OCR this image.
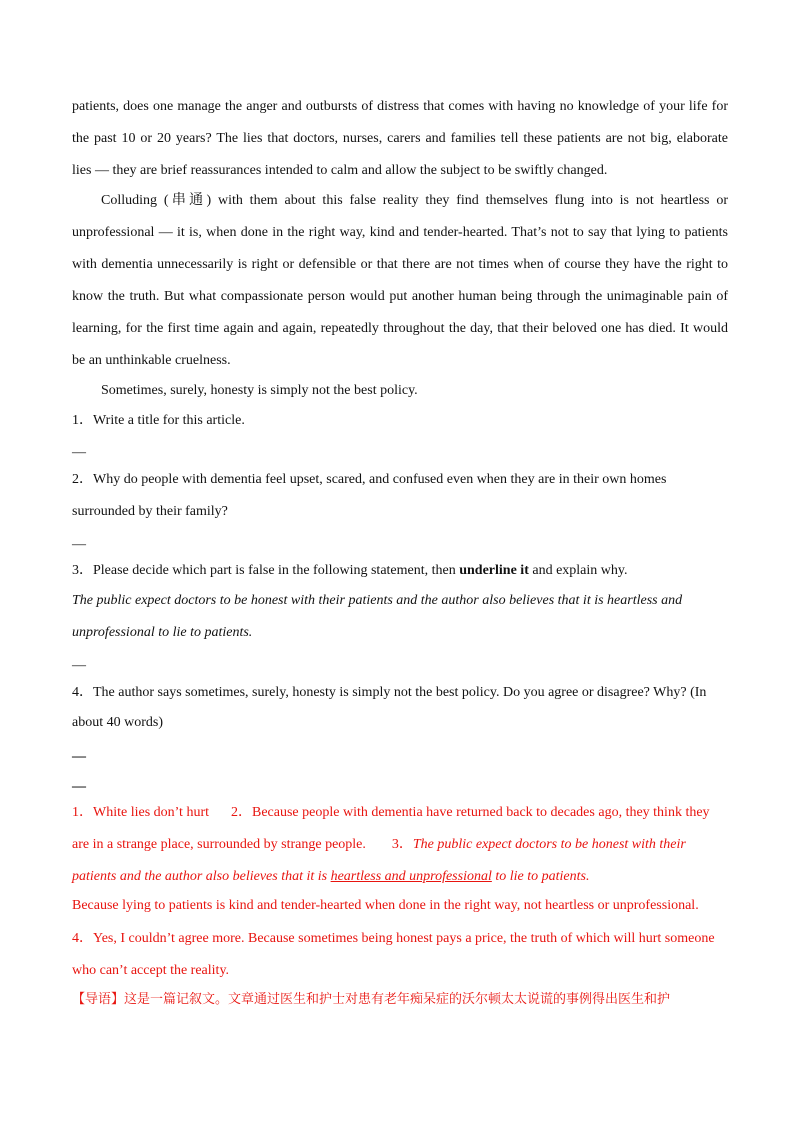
patients, does one manage the anger and outbursts of distress that comes with having no knowledge of your life for
the past 10 or 20 years? The lies that doctors, nurses, carers and families tell these patients are not big, elaborate
lies — they are brief reassurances intended to calm and allow the subject to be swiftly changed.
Colluding (串通) with them about this false reality they find themselves flung into is not heartless or
unprofessional — it is, when done in the right way, kind and tender-hearted. That’s not to say that lying to patients
with dementia unnecessarily is right or defensible or that there are not times when of course they have the right to
know the truth. But what compassionate person would put another human being through the unimaginable pain of
learning, for the first time again and again, repeatedly throughout the day, that their beloved one has died. It would
be an unthinkable cruelness.
Sometimes, surely, honesty is simply not the best policy.
1．Write a title for this article.
—
2．Why do people with dementia feel upset, scared, and confused even when they are in their own homes
surrounded by their family?
—
3．Please decide which part is false in the following statement, then underline it and explain why.
The public expect doctors to be honest with their patients and the author also believes that it is heartless and
unprofessional to lie to patients.
—
4．The author says sometimes, surely, honesty is simply not the best policy. Do you agree or disagree? Why? (In
about 40 words)
—
—
1．White lies don’t hurt 2．Because people with dementia have returned back to decades ago, they think they
are in a strange place, surrounded by strange people. 3．The public expect doctors to be honest with their
patients and the author also believes that it is heartless and unprofessional to lie to patients.
Because lying to patients is kind and tender-hearted when done in the right way, not heartless or unprofessional.
4．Yes, I couldn’t agree more. Because sometimes being honest pays a price, the truth of which will hurt someone
who can’t accept the reality.
【导语】这是一篇记叙文。文章通过医生和护士对患有老年痴呆症的沃尔顿太太说谎的事例得出医生和护
